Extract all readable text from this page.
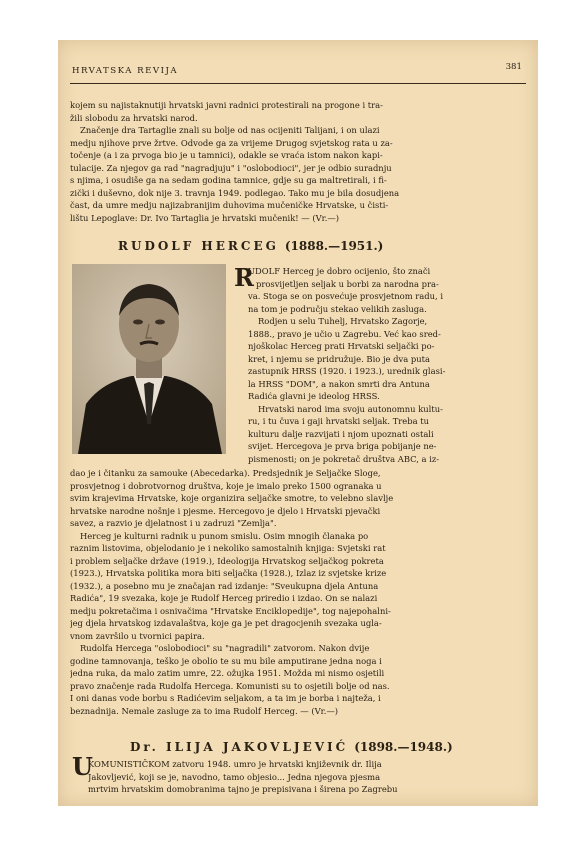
HRVATSKA REVIJA	381
kojem su najistaknutiji hrvatski javni radnici protestirali na progone i tra-
žili slobodu za hrvatski narod.
Značenje dra Tartaglie znali su bolje od nas ocijeniti Talijani, i on ulazi
medju njihove prve žrtve. Odvode ga za vrijeme Drugog svjetskog rata u za-
točenje (a i za prvoga bio je u tamnici), odakle se vraća istom nakon kapi-
tulacije. Za njegov ga rad "nagradjuju" i "oslobodioci", jer je odbio suradnju
s njima, i osudiše ga na sedam godina tamnice, gdje su ga maltretirali, i fi-
zički i duševno, dok nije 3. travnja 1949. podlegao. Tako mu je bila dosudjena
čast, da umre medju najizabranijim duhovima mučeničke Hrvatske, u čisti-
lištu Lepoglave: Dr. Ivo Tartaglia je hrvatski mučenik! — (Vr.—)
RUDOLF HERCEG (1888.—1951.)
R
UDOLF Herceg je dobro ocijenio, što znači
prosvijetljen seljak u borbi za narodna pra-
va. Stoga se on posvećuje prosvjetnom radu, i
na tom je području stekao velikih zasluga.
Rodjen u selu Tuhelj, Hrvatsko Zagorje,
1888., pravo je učio u Zagrebu. Već kao sred-
njoškolac Herceg prati Hrvatski seljački po-
kret, i njemu se pridružuje. Bio je dva puta
zastupnik HRSS (1920. i 1923.), urednik glasi-
la HRSS "DOM", a nakon smrti dra Antuna
Radića glavni je ideolog HRSS.
Hrvatski narod ima svoju autonomnu kultu-
ru, i tu čuva i gaji hrvatski seljak. Treba tu
kulturu dalje razvijati i njom upoznati ostali
svijet. Hercegova je prva briga pobijanje ne-
pismenosti; on je pokretač društva ABC, a iz-
dao je i čitanku za samouke (Abecedarka). Predsjednik je Seljačke Sloge,
prosvjetnog i dobrotvornog društva, koje je imalo preko 1500 ogranaka u
svim krajevima Hrvatske, koje organizira seljačke smotre, to velebno slavlje
hrvatske narodne nošnje i pjesme. Hercegovo je djelo i Hrvatski pjevački
savez, a razvio je djelatnost i u zadruzi "Zemlja".
Herceg je kulturni radnik u punom smislu. Osim mnogih članaka po
raznim listovima, objelodanio je i nekoliko samostalnih knjiga: Svjetski rat
i problem seljačke države (1919.), Ideologija Hrvatskog seljačkog pokreta
(1923.), Hrvatska politika mora biti seljačka (1928.), Izlaz iz svjetske krize
(1932.), a posebno mu je značajan rad izdanje: "Sveukupna djela Antuna
Radića", 19 svezaka, koje je Rudolf Herceg priredio i izdao. On se nalazi
medju pokretačima i osnivačima "Hrvatske Enciklopedije", tog najepohalni-
jeg djela hrvatskog izdavalaštva, koje ga je pet dragocjenih svezaka ugla-
vnom završilo u tvornici papira.
Rudolfa Hercega "oslobodioci" su "nagradili" zatvorom. Nakon dvije
godine tamnovanja, teško je obolio te su mu bile amputirane jedna noga i
jedna ruka, da malo zatim umre, 22. ožujka 1951. Možda mi nismo osjetili
pravo značenje rada Rudolfa Hercega. Komunisti su to osjetili bolje od nas.
I oni danas vode borbu s Radićevim seljakom, a ta im je borba i najteža, i
beznadnija. Nemale zasluge za to ima Rudolf Herceg. — (Vr.—)
Dr. ILIJA JAKOVLJEVIĆ (1898.—1948.)
U
KOMUNISTIČKOM zatvoru 1948. umro je hrvatski književnik dr. Ilija
Jakovljević, koji se je, navodno, tamo objesio... Jedna njegova pjesma
mrtvim hrvatskim domobranima tajno je prepisivana i širena po Zagrebu
